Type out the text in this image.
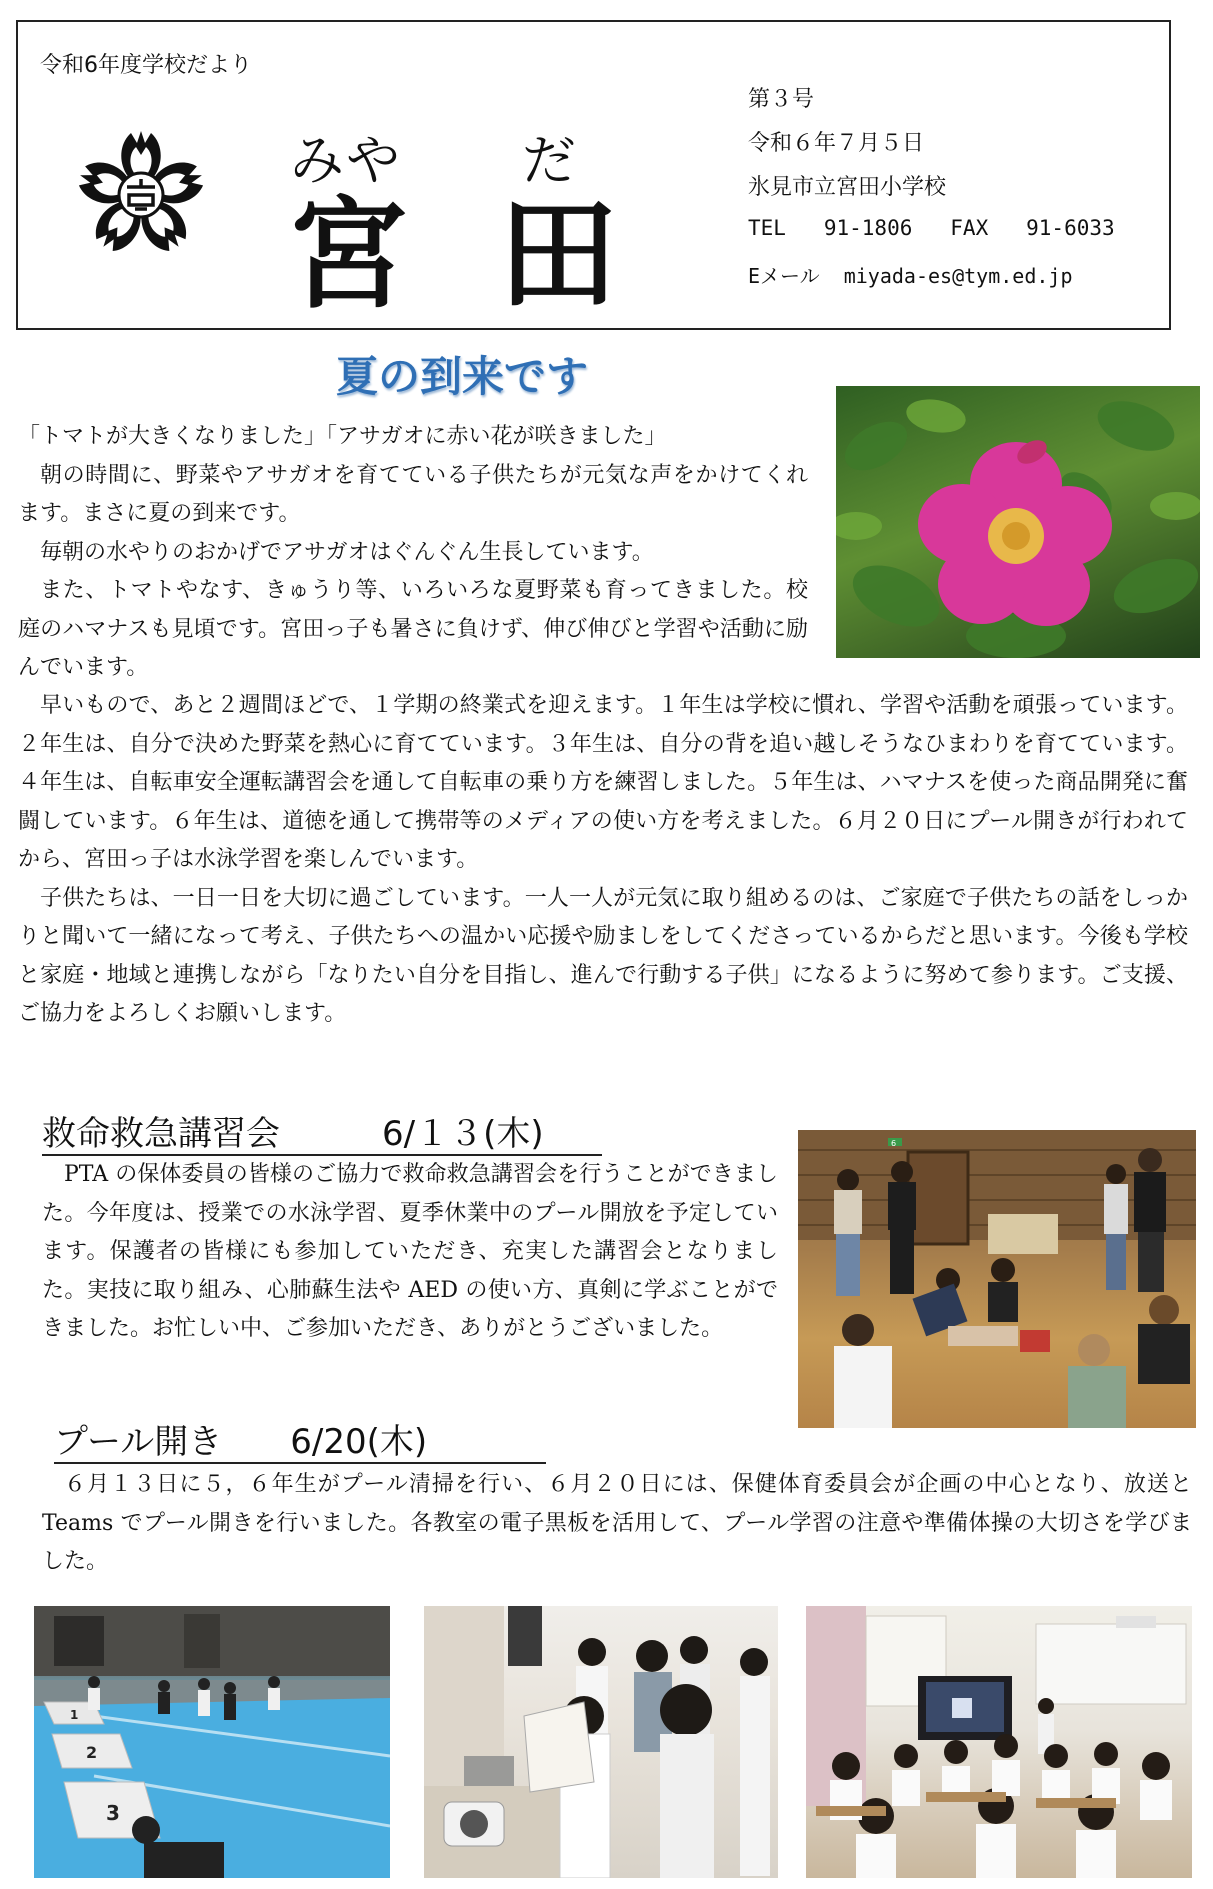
令和6年度学校だより
みや だ
宮 田
第３号
令和６年７月５日
氷見市立宮田小学校
TEL   91-1806   FAX   91-6033
Eメール  miyada-es@tym.ed.jp
夏の到来です

「トマトが大きくなりました」「アサガオに赤い花が咲きました」

朝の時間に、野菜やアサガオを育てている子供たちが元気な声をかけてくれます。まさに夏の到来です。

毎朝の水やりのおかげでアサガオはぐんぐん生長しています。

また、トマトやなす、きゅうり等、いろいろな夏野菜も育ってきました。校庭のハマナスも見頃です。宮田っ子も暑さに負けず、伸び伸びと学習や活動に励んでいます。

早いもので、あと２週間ほどで、１学期の終業式を迎えます。１年生は学校に慣れ、学習や活動を頑張っています。２年生は、自分で決めた野菜を熱心に育てています。３年生は、自分の背を追い越しそうなひまわりを育てています。４年生は、自転車安全運転講習会を通して自転車の乗り方を練習しました。５年生は、ハマナスを使った商品開発に奮闘しています。６年生は、道徳を通して携帯等のメディアの使い方を考えました。６月２０日にプール開きが行われてから、宮田っ子は水泳学習を楽しんでいます。

子供たちは、一日一日を大切に過ごしています。一人一人が元気に取り組めるのは、ご家庭で子供たちの話をしっかりと聞いて一緒になって考え、子供たちへの温かい応援や励ましをしてくださっているからだと思います。今後も学校と家庭・地域と連携しながら「なりたい自分を目指し、進んで行動する子供」になるように努めて参ります。ご支援、ご協力をよろしくお願いします。

救命救急講習会　　　6/１３(木)

PTA の保体委員の皆様のご協力で救命救急講習会を行うことができました。今年度は、授業での水泳学習、夏季休業中のプール開放を予定しています。保護者の皆様にも参加していただき、充実した講習会となりました。実技に取り組み、心肺蘇生法や AED の使い方、真剣に学ぶことができました。お忙しい中、ご参加いただき、ありがとうございました。

6
プール開き　　6/20(木)

６月１３日に５，６年生がプール清掃を行い、６月２０日には、保健体育委員会が企画の中心となり、放送と Teams でプール開きを行いました。各教室の電子黒板を活用して、プール学習の注意や準備体操の大切さを学びました。

1
2
3
